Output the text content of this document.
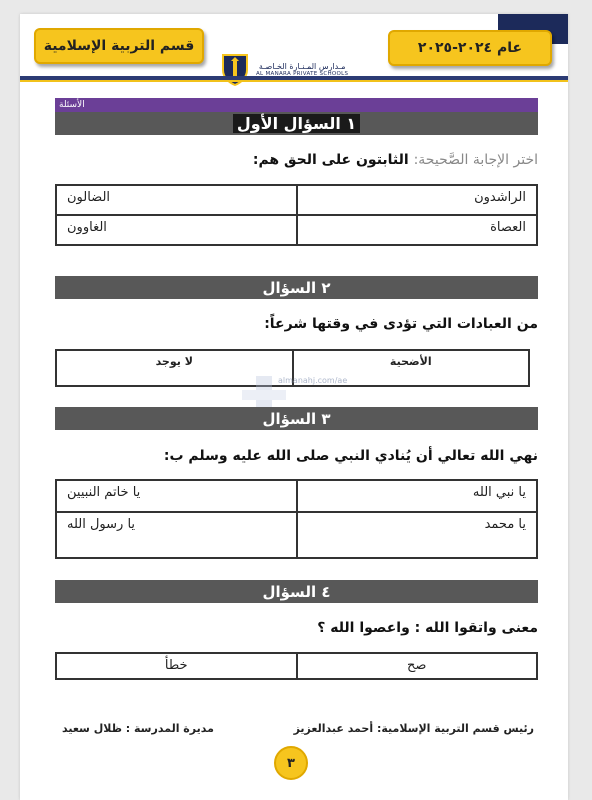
قسم التربية الإسلامية	عام ٢٠٢٤-٢٠٢٥
مـدارس المـنـارة الخـاصـة
AL MANARA PRIVATE SCHOOLS
الأسئلة
١ السؤال الأول
اختر الإجابة الصَّحيحة: الثابتون على الحق هم:
الراشدون
الضالون
العصاة
الغاوون
٢ السؤال
من العبادات التي تؤدى في وقتها شرعاً:
الأضحية
لا يوجد
almanahj.com/ae
٣ السؤال
نهي الله تعالي أن يُنادي النبي صلى الله عليه وسلم ب:
يا نبي الله
يا خاتم النبيين
يا محمد
يا رسول الله
٤ السؤال
معنى واتقوا الله : واعصوا الله ؟
صح
خطأ
رئيس قسم التربية الإسلامية: أحمد عبدالعزيز
مديرة المدرسة : ظلال سعيد
٣
